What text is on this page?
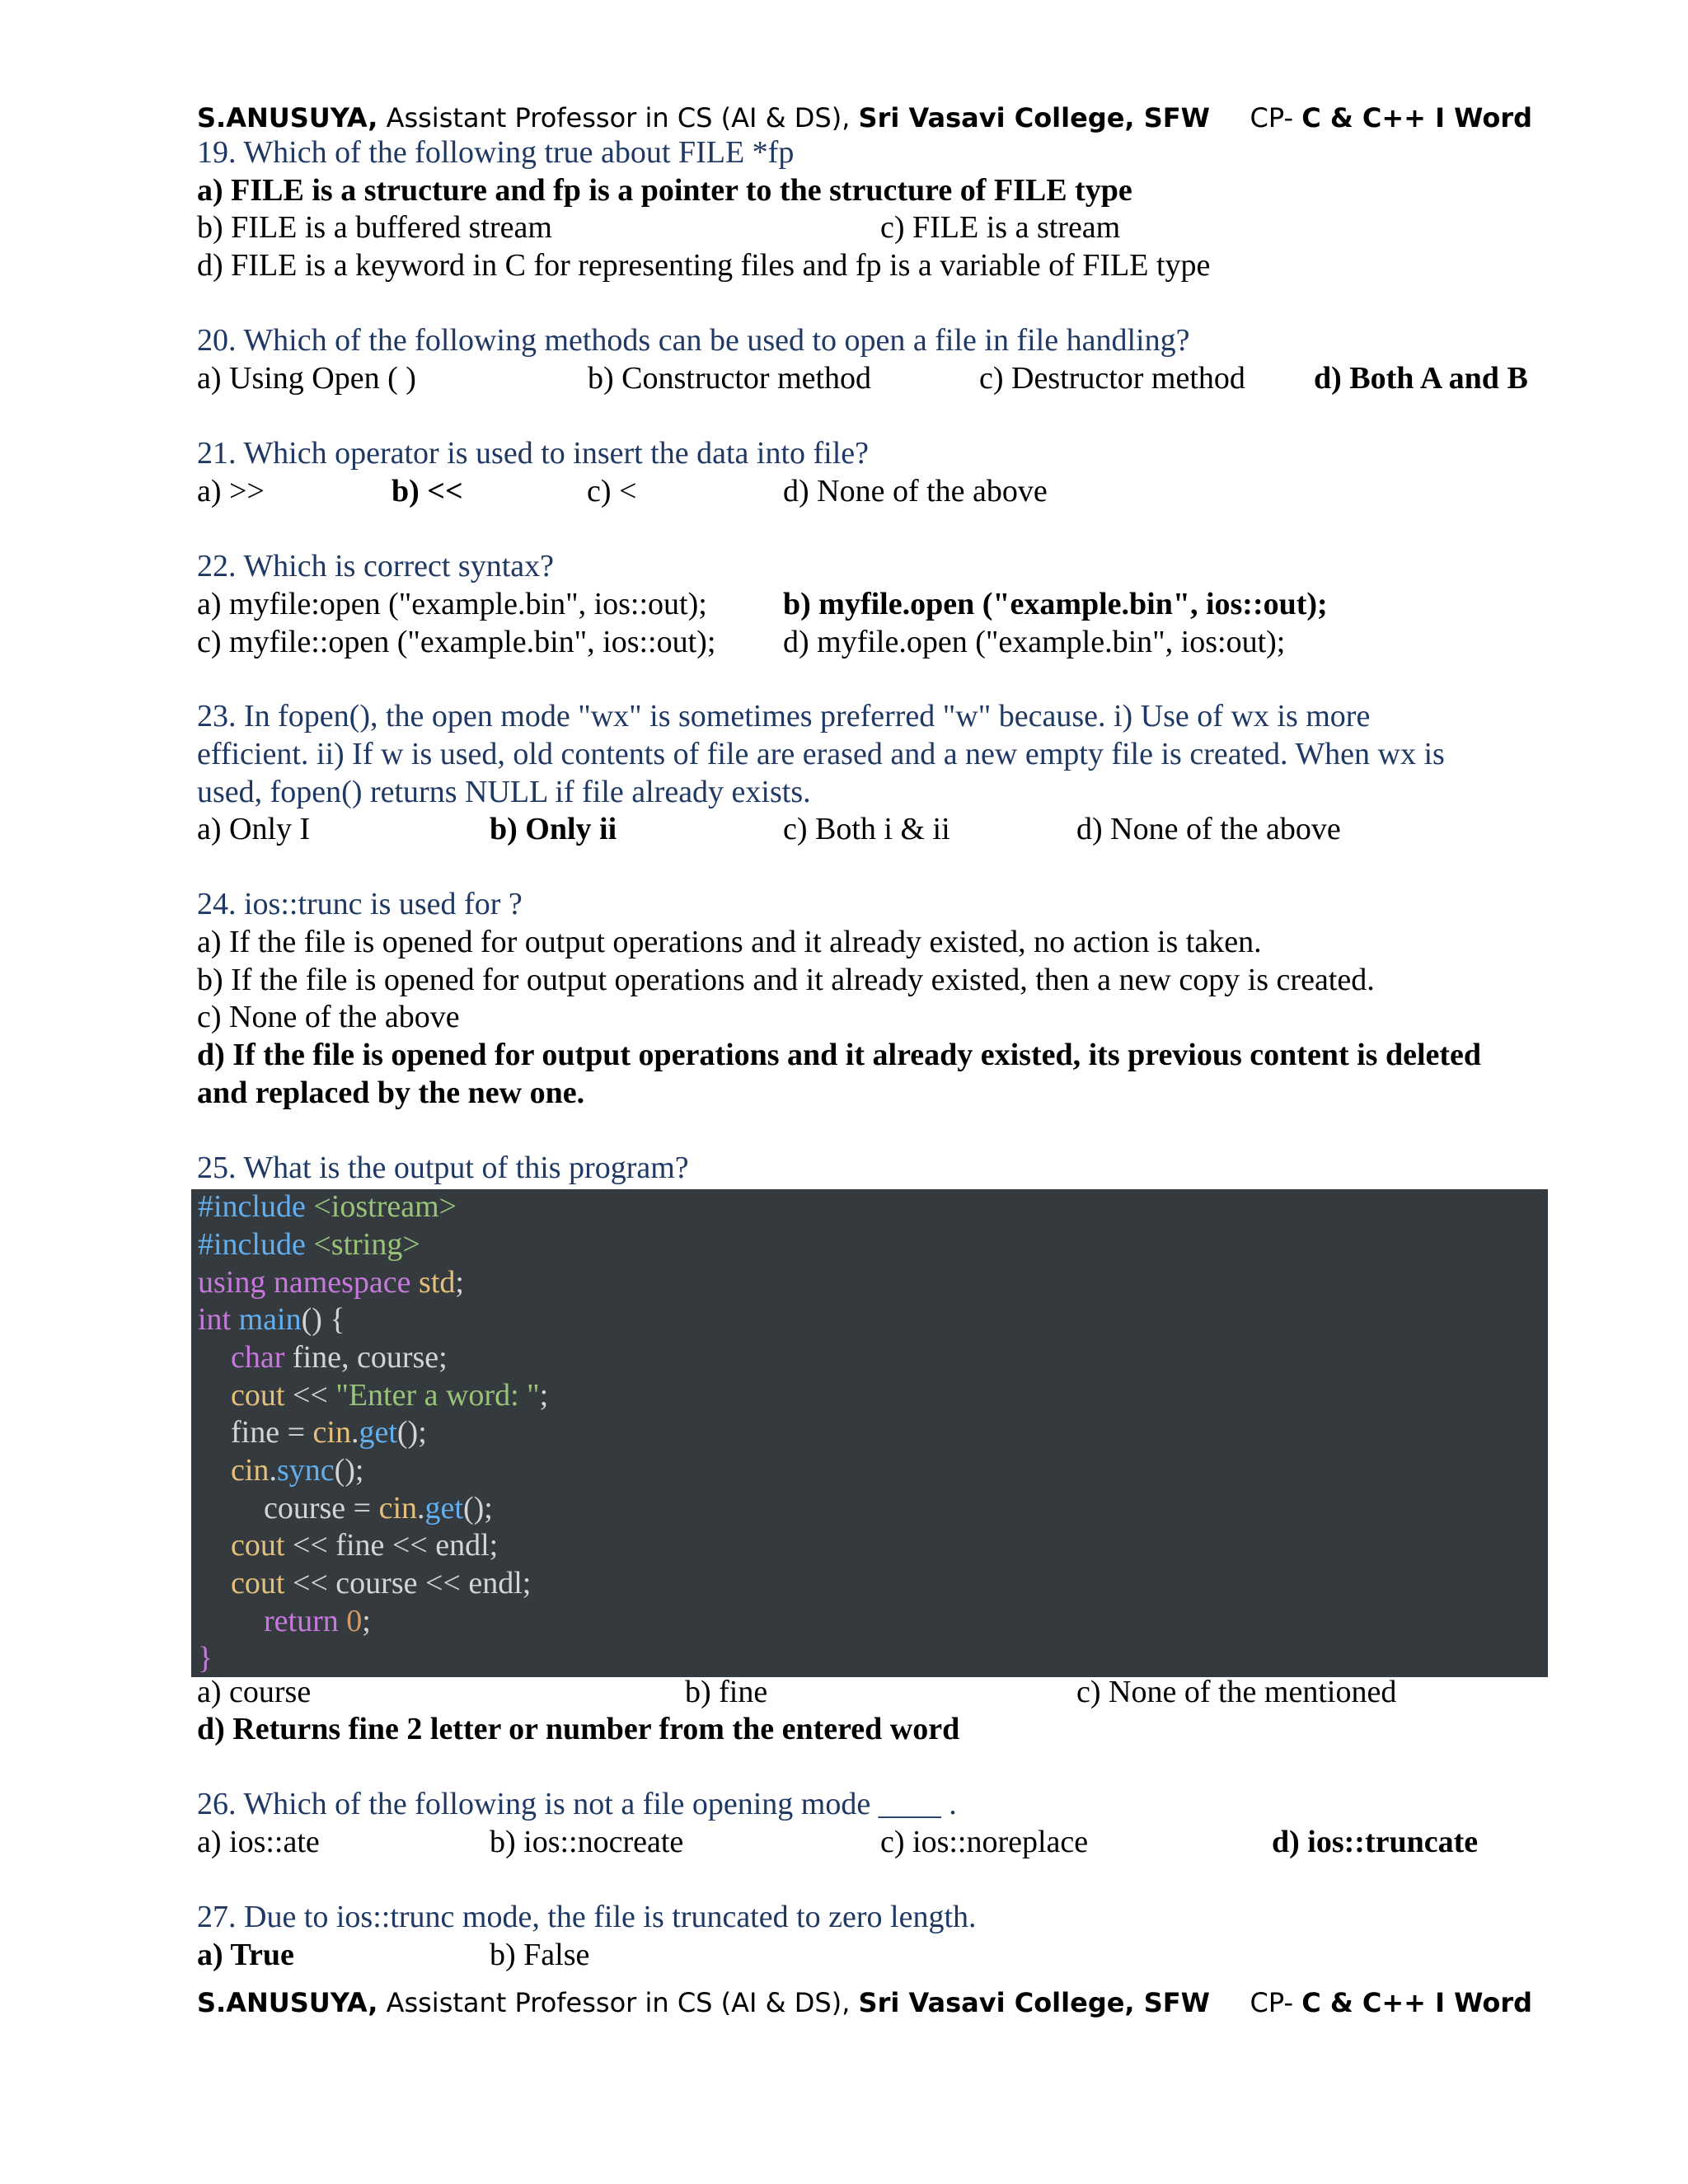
S.ANUSUYA, Assistant Professor in CS (AI & DS), Sri Vasavi College, SFW CP- C & C++ I Word
19. Which of the following true about FILE *fp
a) FILE is a structure and fp is a pointer to the structure of FILE type
b) FILE is a buffered stream	c) FILE is a stream
d) FILE is a keyword in C for representing files and fp is a variable of FILE type
20. Which of the following methods can be used to open a file in file handling?
a) Using Open ( )	b) Constructor method	c) Destructor method d) Both A and B
21. Which operator is used to insert the data into file?
a) >>	b) <<	c) <	d) None of the above
22. Which is correct syntax?
a) myfile:open ("example.bin", ios::out); b) myfile.open ("example.bin", ios::out);
c) myfile::open ("example.bin", ios::out); d) myfile.open ("example.bin", ios:out);
23. In fopen(), the open mode "wx" is sometimes preferred "w" because. i) Use of wx is more
efficient. ii) If w is used, old contents of file are erased and a new empty file is created. When wx is
used, fopen() returns NULL if file already exists.
a) Only I	b) Only ii	c) Both i & ii	d) None of the above
24. ios::trunc is used for ?
a) If the file is opened for output operations and it already existed, no action is taken.
b) If the file is opened for output operations and it already existed, then a new copy is created.
c) None of the above
d) If the file is opened for output operations and it already existed, its previous content is deleted
and replaced by the new one.
25. What is the output of this program?
#include <iostream>
#include <string>
using namespace std;
int main() {
char fine, course;
cout << "Enter a word: ";
fine = cin.get();
cin.sync();
course = cin.get();
cout << fine << endl;
cout << course << endl;
return 0;
}
a) course	b) fine	c) None of the mentioned
d) Returns fine 2 letter or number from the entered word
26. Which of the following is not a file opening mode ____ .
a) ios::ate	b) ios::nocreate	c) ios::noreplace	d) ios::truncate
27. Due to ios::trunc mode, the file is truncated to zero length.
a) True	b) False
S.ANUSUYA, Assistant Professor in CS (AI & DS), Sri Vasavi College, SFW CP- C & C++ I Word
